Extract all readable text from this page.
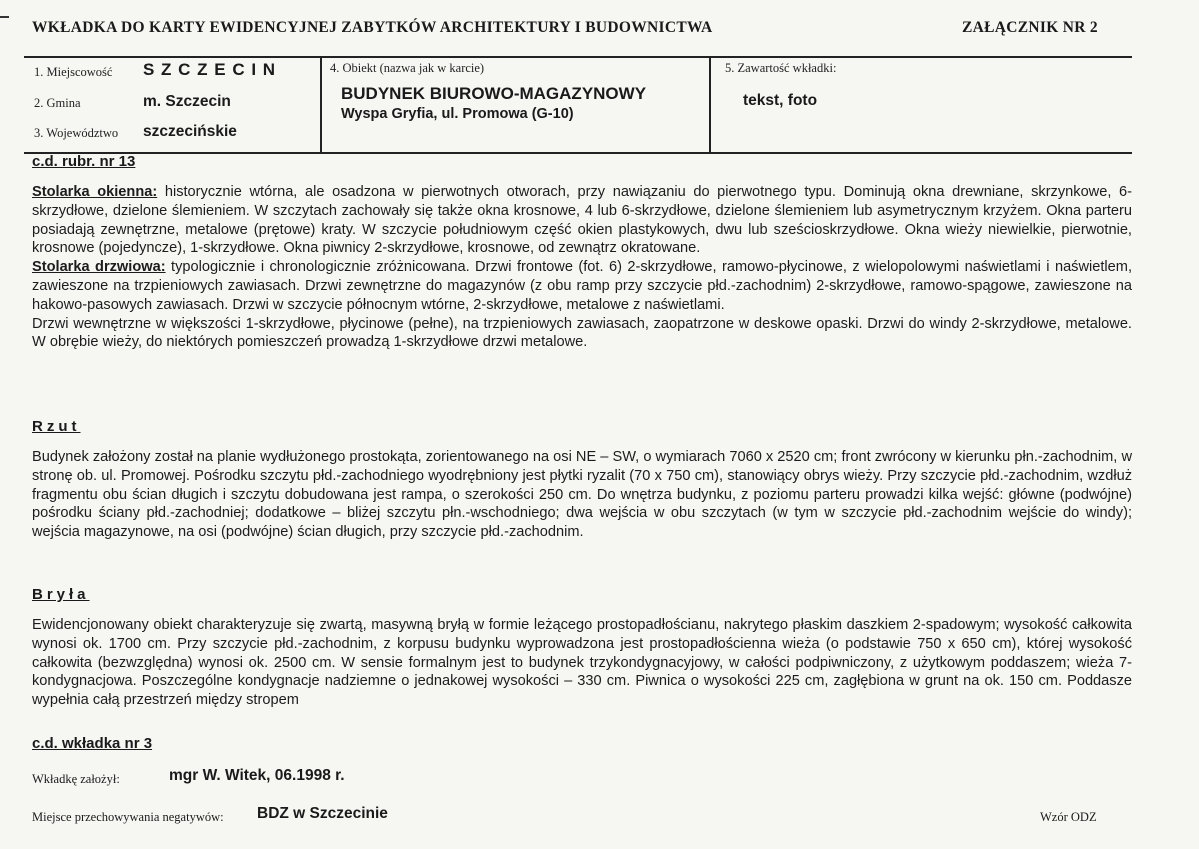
WKŁADKA DO KARTY EWIDENCYJNEJ ZABYTKÓW ARCHITEKTURY I BUDOWNICTWA	ZAŁĄCZNIK NR 2
1. Miejscowość S Z C Z E C I N
2. Gmina	m. Szczecin
3. Województwo szczecińskie
4. Obiekt (nazwa jak w karcie)
BUDYNEK BIUROWO-MAGAZYNOWY
Wyspa Gryfia, ul. Promowa (G-10)
5. Zawartość wkładki:
tekst, foto
c.d. rubr. nr 13
Stolarka okienna: historycznie wtórna, ale osadzona w pierwotnych otworach, przy nawiązaniu do pierwotnego typu. Dominują okna drewniane, skrzynkowe, 6-skrzydłowe, dzielone ślemieniem. W szczytach zachowały się także okna krosnowe, 4 lub 6-skrzydłowe, dzielone ślemieniem lub asymetrycznym krzyżem. Okna parteru posiadają zewnętrzne, metalowe (prętowe) kraty. W szczycie południowym część okien plastykowych, dwu lub sześcioskrzydłowe. Okna wieży niewielkie, pierwotnie, krosnowe (pojedyncze), 1-skrzydłowe. Okna piwnicy 2-skrzydłowe, krosnowe, od zewnątrz okratowane.
Stolarka drzwiowa: typologicznie i chronologicznie zróżnicowana. Drzwi frontowe (fot. 6) 2-skrzydłowe, ramowo-płycinowe, z wielopolowymi naświetlami i naświetlem, zawieszone na trzpieniowych zawiasach. Drzwi zewnętrzne do magazynów (z obu ramp przy szczycie płd.-zachodnim) 2-skrzydłowe, ramowo-spągowe, zawieszone na hakowo-pasowych zawiasach. Drzwi w szczycie północnym wtórne, 2-skrzydłowe, metalowe z naświetlami.
Drzwi wewnętrzne w większości 1-skrzydłowe, płycinowe (pełne), na trzpieniowych zawiasach, zaopatrzone w deskowe opaski. Drzwi do windy 2-skrzydłowe, metalowe. W obrębie wieży, do niektórych pomieszczeń prowadzą 1-skrzydłowe drzwi metalowe.
Rzut
Budynek założony został na planie wydłużonego prostokąta, zorientowanego na osi NE – SW, o wymiarach 7060 x 2520 cm; front zwrócony w kierunku płn.-zachodnim, w stronę ob. ul. Promowej. Pośrodku szczytu płd.-zachodniego wyodrębniony jest płytki ryzalit (70 x 750 cm), stanowiący obrys wieży. Przy szczycie płd.-zachodnim, wzdłuż fragmentu obu ścian długich i szczytu dobudowana jest rampa, o szerokości 250 cm. Do wnętrza budynku, z poziomu parteru prowadzi kilka wejść: główne (podwójne) pośrodku ściany płd.-zachodniej; dodatkowe – bliżej szczytu płn.-wschodniego; dwa wejścia w obu szczytach (w tym w szczycie płd.-zachodnim wejście do windy); wejścia magazynowe, na osi (podwójne) ścian długich, przy szczycie płd.-zachodnim.
Bryła
Ewidencjonowany obiekt charakteryzuje się zwartą, masywną bryłą w formie leżącego prostopadłościanu, nakrytego płaskim daszkiem 2-spadowym; wysokość całkowita wynosi ok. 1700 cm. Przy szczycie płd.-zachodnim, z korpusu budynku wyprowadzona jest prostopadłościenna wieża (o podstawie 750 x 650 cm), której wysokość całkowita (bezwzględna) wynosi ok. 2500 cm. W sensie formalnym jest to budynek trzykondygnacyjowy, w całości podpiwniczony, z użytkowym poddaszem; wieża 7-kondygnacjowa. Poszczególne kondygnacje nadziemne o jednakowej wysokości – 330 cm. Piwnica o wysokości 225 cm, zagłębiona w grunt na ok. 150 cm. Poddasze wypełnia całą przestrzeń między stropem
c.d. wkładka nr 3
Wkładkę założył:	mgr W. Witek, 06.1998 r.
Miejsce przechowywania negatywów: BDZ w Szczecinie	Wzór ODZ
